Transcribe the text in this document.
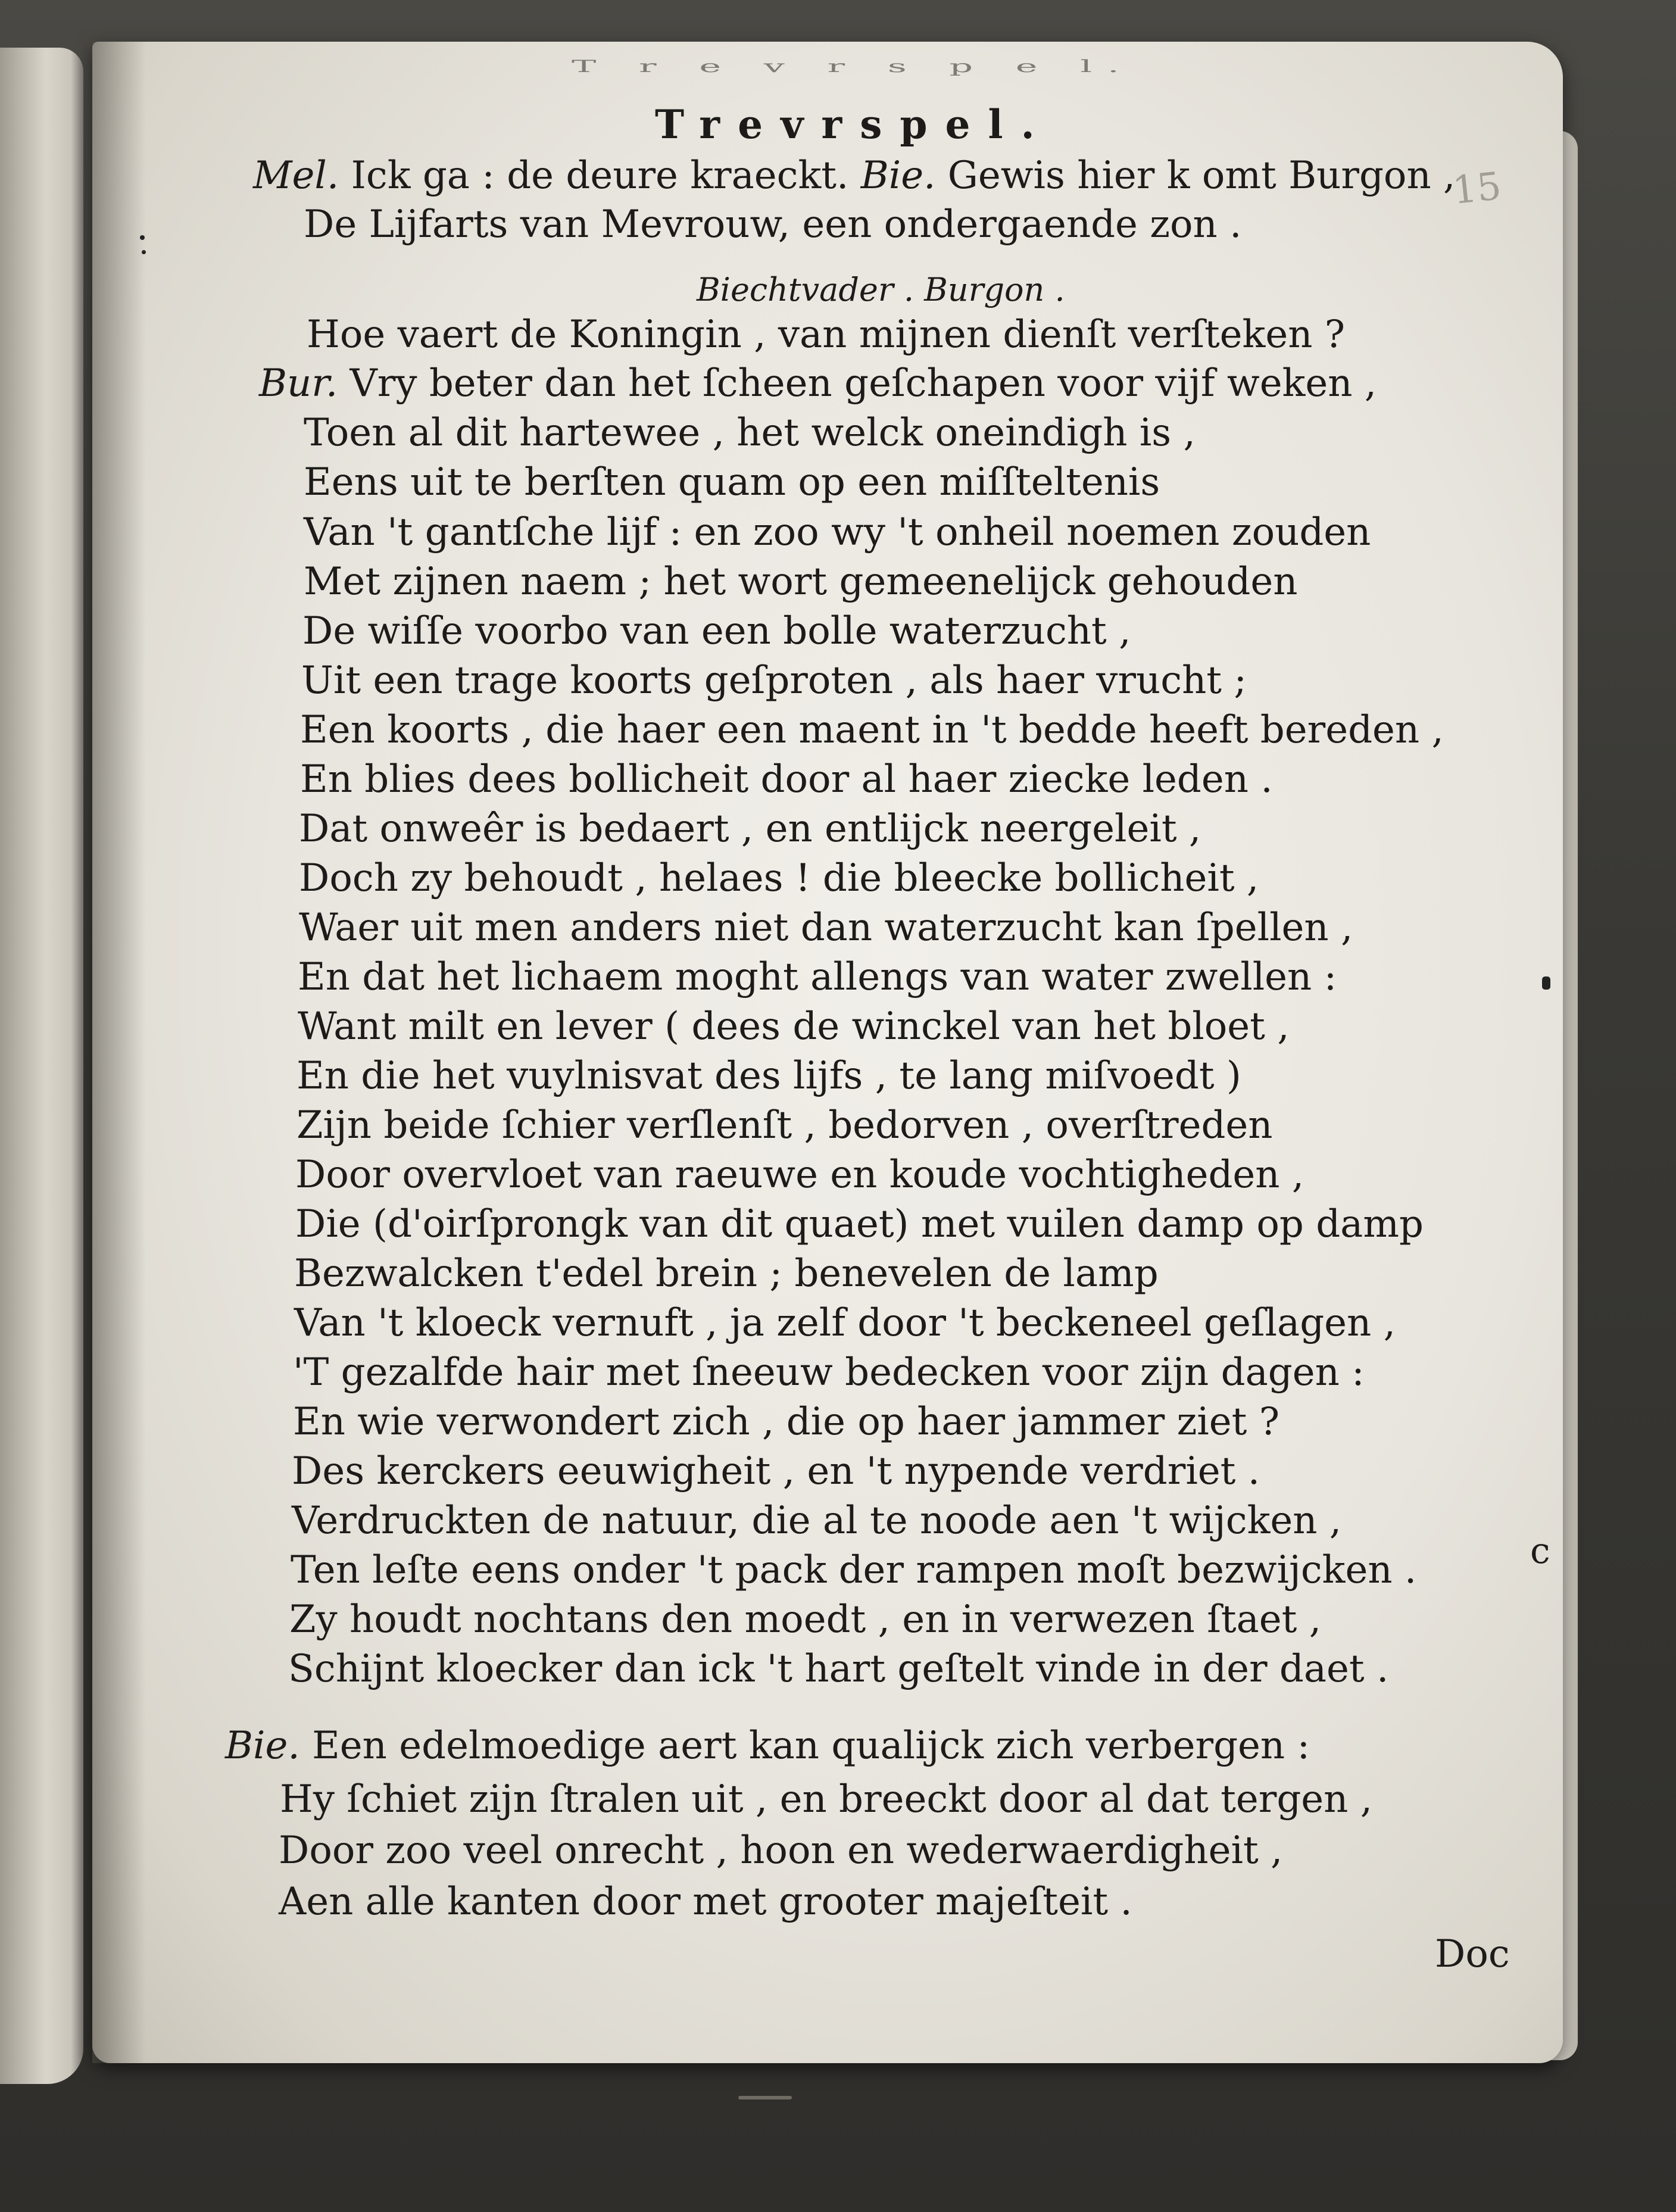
T r e v r s p e l.
Trevrspel.
15
Mel. Ick ga : de deure kraeckt. Bie. Gewis hier k omt Burgon ,
De Lijfarts van Mevrouw, een ondergaende zon .
Biechtvader . Burgon .
Hoe vaert de Koningin , van mijnen dienſt verſteken ?
Bur. Vry beter dan het ſcheen geſchapen voor vijf weken ,
Toen al dit hartewee , het welck oneindigh is ,
Eens uit te berſten quam op een miſſteltenis
Van 't gantſche lijf : en zoo wy 't onheil noemen zouden
Met zijnen naem ; het wort gemeenelijck gehouden
De wiſſe voorbo van een bolle waterzucht ,
Uit een trage koorts geſproten , als haer vrucht ;
Een koorts , die haer een maent in 't bedde heeft bereden ,
En blies dees bollicheit door al haer ziecke leden .
Dat onweêr is bedaert , en entlijck neergeleit ,
Doch zy behoudt , helaes ! die bleecke bollicheit ,
Waer uit men anders niet dan waterzucht kan ſpellen ,
En dat het lichaem moght allengs van water zwellen :
Want milt en lever ( dees de winckel van het bloet ,
En die het vuylnisvat des lijfs , te lang miſvoedt )
Zijn beide ſchier verſlenſt , bedorven , overſtreden
Door overvloet van raeuwe en koude vochtigheden ,
Die (d'oirſprongk van dit quaet) met vuilen damp op damp
Bezwalcken t'edel brein ; benevelen de lamp
Van 't kloeck vernuft , ja zelf door 't beckeneel geſlagen ,
'T gezalfde hair met ſneeuw bedecken voor zijn dagen :
En wie verwondert zich , die op haer jammer ziet ?
Des kerckers eeuwigheit , en 't nypende verdriet .
Verdruckten de natuur, die al te noode aen 't wijcken ,
Ten leſte eens onder 't pack der rampen moſt bezwijcken .
Zy houdt nochtans den moedt , en in verwezen ſtaet ,
Schijnt kloecker dan ick 't hart geſtelt vinde in der daet .
Bie. Een edelmoedige aert kan qualijck zich verbergen :
Hy ſchiet zijn ſtralen uit , en breeckt door al dat tergen ,
Door zoo veel onrecht , hoon en wederwaerdigheit ,
Aen alle kanten door met grooter majeſteit .
Doc
c
